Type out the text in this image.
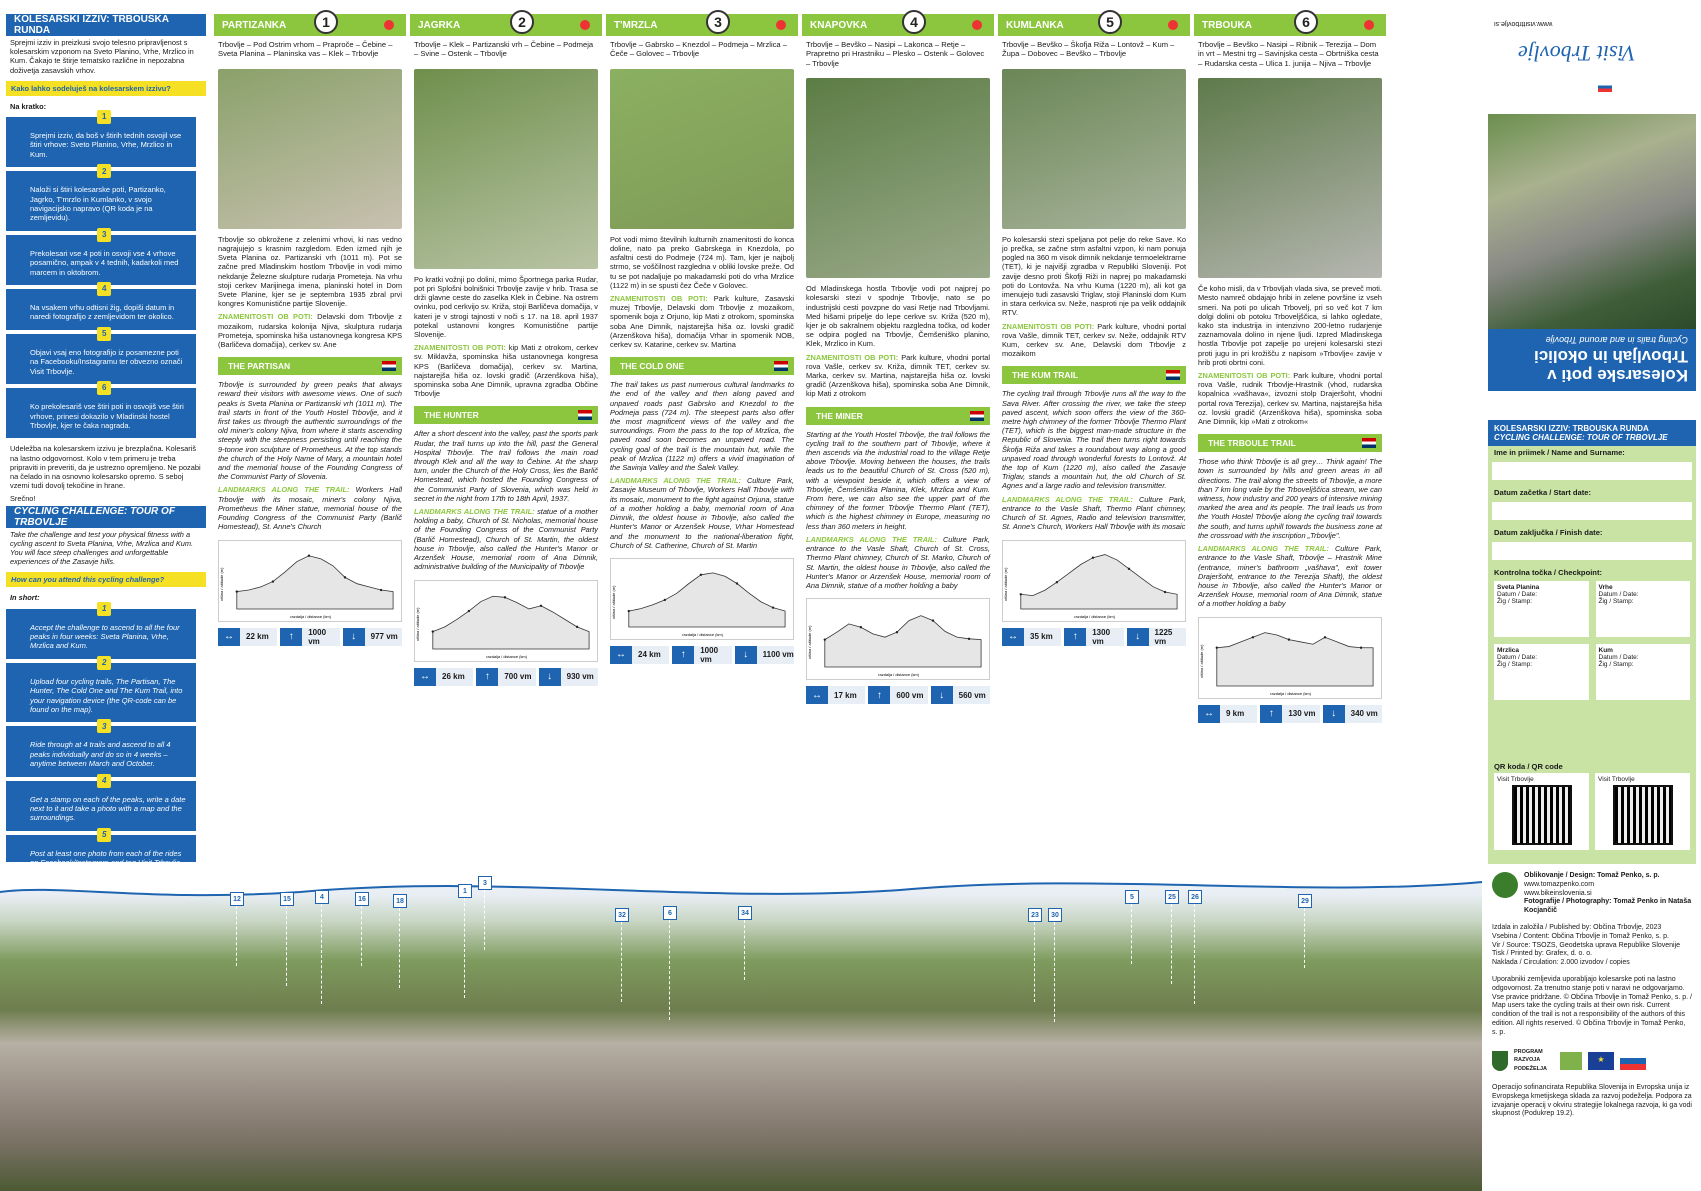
KOLESARSKI IZZIV: TRBOUSKA RUNDA
Sprejmi izziv in preizkusi svojo telesno pripravljenost s kolesarskim vzponom na Sveto Planino, Vrhe, Mrzlico in Kum. Čakajo te štirje tematsko različne in nepozabna doživetja zasavskih vrhov.
Kako lahko sodeluješ na kolesarskem izzivu?
Na kratko:
1
Sprejmi izziv, da boš v štirih tednih osvojil vse štiri vrhove: Sveto Planino, Vrhe, Mrzlico in Kum.
2
Naloži si štiri kolesarske poti, Partizanko, Jagrko, T'mrzlo in Kumlanko, v svojo navigacijsko napravo (QR koda je na zemljevidu).
3
Prekolesari vse 4 poti in osvoji vse 4 vrhove posamično, ampak v 4 tednih, kadarkoli med marcem in oktobrom.
4
Na vsakem vrhu odtisni žig, dopiši datum in naredi fotografijo z zemljevidom ter okolico.
5
Objavi vsaj eno fotografijo iz posamezne poti na Facebooku/Instagramu ter obvezno označi Visit Trbovlje.
6
Ko prekolesariš vse štiri poti in osvojiš vse štiri vrhove, prinesi dokazilo v Mladinski hostel Trbovlje, kjer te čaka nagrada.
Udeležba na kolesarskem izzivu je brezplačna. Kolesariš na lastno odgovornost. Kolo v tem primeru je treba pripraviti in preveriti, da je ustrezno opremljeno. Ne pozabi na čelado in na osnovno kolesarsko opremo. S seboj vzemi tudi dovolj tekočine in hrane.
Srečno!
CYCLING CHALLENGE: TOUR OF TRBOVLJE
Take the challenge and test your physical fitness with a cycling ascent to Sveta Planina, Vrhe, Mrzlica and Kum. You will face steep challenges and unforgettable experiences of the Zasavje hills.
How can you attend this cycling challenge?
In short:
1
Accept the challenge to ascend to all the four peaks in four weeks: Sveta Planina, Vrhe, Mrzlica and Kum.
2
Upload four cycling trails, The Partisan, The Hunter, The Cold One and The Kum Trail, into your navigation device (the QR-code can be found on the map).
3
Ride through at 4 trails and ascend to all 4 peaks individually and do so in 4 weeks – anytime between March and October.
4
Get a stamp on each of the peaks, write a date next to it and take a photo with a map and the surroundings.
5
Post at least one photo from each of the rides
PARTIZANKA	1
Trbovlje – Pod Ostrim vrhom – Praproče – Čebine – Sveta Planina – Planinska vas – Klek – Trbovlje
Trbovlje so obkrožene z zelenimi vrhovi, ki nas vedno nagrajujejo s krasnim razgledom. Eden izmed njih je Sveta Planina oz. Partizanski vrh (1011 m). Pot se začne pred Mladinskim hostlom Trbovlje in vodi mimo nekdanje Železne skulpture rudarja Prometeja. Na vrhu stoji cerkev Marijinega imena, planinski hotel in Dom Svete Planine, kjer se je septembra 1935 zbral prvi kongres Komunistične partije Slovenije.
ZNAMENITOSTI OB POTI: Delavski dom Trbovlje z mozaikom, rudarska kolonija Njiva, skulptura rudarja Prometeja, spominska hiša ustanovnega kongresa KPS (Barličeva domačija), cerkev sv. Ane
THE PARTISAN
Trbovlje is surrounded by green peaks that always reward their visitors with awesome views. One of such peaks is Sveta Planina or Partizanski vrh (1011 m). The trail starts in front of the Youth Hostel Trbovlje, and it first takes us through the authentic surroundings of the old miner's colony Njiva, from where it starts ascending steeply with the steepness persisting until reaching the 9-tonne iron sculpture of Prometheus. At the top stands the church of the Holy Name of Mary, a mountain hotel and the memorial house of the Founding Congress of the Communist Party of Slovenia.
LANDMARKS ALONG THE TRAIL: Workers Hall Trbovlje with its mosaic, miner's colony Njiva, Prometheus the Miner statue, memorial house of the Founding Congress of the Communist Party (Barlič Homestead), St. Anne's Church
višina / altitude (m)
razdalja / distance (km)
↔	22 km	↑	1000 vm	↓	977 vm
JAGRKA	2
Trbovlje – Klek – Partizanski vrh – Čebine – Podmeja – Svine – Ostenk – Trbovlje
Po kratki vožnji po dolini, mimo Športnega parka Rudar, pot pri Splošni bolnišnici Trbovlje zavije v hrib. Trasa se drži glavne ceste do zaselka Klek in Čebine. Na ostrem ovinku, pod cerkvijo sv. Križa, stoji Barličeva domačija, v kateri je v strogi tajnosti v noči s 17. na 18. april 1937 potekal ustanovni kongres Komunistične partije Slovenije.
ZNAMENITOSTI OB POTI: kip Mati z otrokom, cerkev sv. Miklavža, spominska hiša ustanovnega kongresa KPS (Barličeva domačija), cerkev sv. Martina, najstarejša hiša oz. lovski gradič (Arzenškova hiša), spominska soba Ane Dimnik, upravna zgradba Občine Trbovlje
THE HUNTER
After a short descent into the valley, past the sports park Rudar, the trail turns up into the hill, past the General Hospital Trbovlje. The trail follows the main road through Klek and all the way to Čebine. At the sharp turn, under the Church of the Holy Cross, lies the Barlič Homestead, which hosted the Founding Congress of the Communist Party of Slovenia, which was held in secret in the night from 17th to 18th April, 1937.
LANDMARKS ALONG THE TRAIL: statue of a mother holding a baby, Church of St. Nicholas, memorial house of the Founding Congress of the Communist Party (Barlič Homestead), Church of St. Martin, the oldest house in Trbovlje, also called the Hunter's Manor or Arzenšek House, memorial room of Ana Dimnik, administrative building of the Municipality of Trbovlje
višina / altitude (m)
razdalja / distance (km)
↔	26 km	↑	700 vm	↓	930 vm
T'MRZLA	3
Trbovlje – Gabrsko – Knezdol – Podmeja – Mrzlica – Čeče – Golovec – Trbovlje
Pot vodi mimo številnih kulturnih znamenitosti do konca doline, nato pa preko Gabrskega in Knezdola, po asfaltni cesti do Podmeje (724 m). Tam, kjer je najbolj strmo, se voščilnost razgledna v obliki lovske preže. Od tu se pot nadaljuje po makadamski poti do vrha Mrzlice (1122 m) in se spusti čez Čeče v Golovec.
ZNAMENITOSTI OB POTI: Park kulture, Zasavski muzej Trbovlje, Delavski dom Trbovlje z mozaikom, spomenik boja z Orjuno, kip Mati z otrokom, spominska soba Ane Dimnik, najstarejša hiša oz. lovski gradič (Arzenškova hiša), domačija Vrhar in spomenik NOB, cerkev sv. Katarine, cerkev sv. Martina
THE COLD ONE
The trail takes us past numerous cultural landmarks to the end of the valley and then along paved and unpaved roads past Gabrsko and Knezdol to the Podmeja pass (724 m). The steepest parts also offer the most magnificent views of the valley and the surroundings. From the pass to the top of Mrzlica, the paved road soon becomes an unpaved road. The cycling goal of the trail is the mountain hut, while the peak of Mrzlica (1122 m) offers a vivid imagination of the Savinja Valley and the Šalek Valley.
LANDMARKS ALONG THE TRAIL: Culture Park, Zasavje Museum of Trbovlje, Workers Hall Trbovlje with its mosaic, monument to the fight against Orjuna, statue of a mother holding a baby, memorial room of Ana Dimnik, the oldest house in Trbovlje, also called the Hunter's Manor or Arzenšek House, Vrhar Homestead and the monument to the national-liberation fight, Church of St. Catherine, Church of St. Martin
višina / altitude (m)
razdalja / distance (km)
↔	24 km	↑	1000 vm	↓	1100 vm
KNAPOVKA	4
Trbovlje – Bevško – Nasipi – Lakonca – Retje – Prapretno pri Hrastniku – Plesko – Ostenk – Golovec – Trbovlje
Od Mladinskega hostla Trbovlje vodi pot najprej po kolesarski stezi v spodnje Trbovlje, nato se po industrijski cesti povzpne do vasi Retje nad Trbovljami. Med hišami pripelje do lepe cerkve sv. Križa (520 m), kjer je ob sakralnem objektu razgledna točka, od koder se odpira pogled na Trbovlje, Čemšeniško planino, Klek, Mrzlico in Kum.
ZNAMENITOSTI OB POTI: Park kulture, vhodni portal rova Vašle, cerkev sv. Križa, dimnik TET, cerkev sv. Marka, cerkev sv. Martina, najstarejša hiša oz. lovski gradič (Arzenškova hiša), spominska soba Ane Dimnik, kip Mati z otrokom
THE MINER
Starting at the Youth Hostel Trbovlje, the trail follows the cycling trail to the southern part of Trbovlje, where it then ascends via the industrial road to the village Retje above Trbovlje. Moving between the houses, the trails leads us to the beautiful Church of St. Cross (520 m), with a viewpoint beside it, which offers a view of Trbovlje, Čemšeniška Planina, Klek, Mrzlica and Kum. From here, we can also see the upper part of the chimney of the former Trbovlje Thermo Plant (TET), which is the highest chimney in Europe, measuring no less than 360 meters in height.
LANDMARKS ALONG THE TRAIL: Culture Park, entrance to the Vasle Shaft, Church of St. Cross, Thermo Plant chimney, Church of St. Marko, Church of St. Martin, the oldest house in Trbovlje, also called the Hunter's Manor or Arzenšek House, memorial room of Ana Dimnik, statue of a mother holding a baby
višina / altitude (m)
razdalja / distance (km)
↔	17 km	↑	600 vm	↓	560 vm
KUMLANKA	5
Trbovlje – Bevško – Škofja Riža – Lontovž – Kum – Župa – Dobovec – Bevško – Trbovlje
Po kolesarski stezi speljana pot pelje do reke Save. Ko jo prečka, se začne strm asfaltni vzpon, ki nam ponuja pogled na 360 m visok dimnik nekdanje termoelektrarne (TET), ki je najvišji zgradba v Republiki Sloveniji. Pot zavije desno proti Škofji Riži in naprej po makadamski poti do Lontovža. Na vrhu Kuma (1220 m), ali kot ga imenujejo tudi zasavski Triglav, stoji Planinski dom Kum in stara cerkvica sv. Neže, nasproti nje pa velik oddajnik RTV.
ZNAMENITOSTI OB POTI: Park kulture, vhodni portal rova Vašle, dimnik TET, cerkev sv. Neže, oddajnik RTV Kum, cerkev sv. Ane, Delavski dom Trbovlje z mozaikom
THE KUM TRAIL
The cycling trail through Trbovlje runs all the way to the Sava River. After crossing the river, we take the steep paved ascent, which soon offers the view of the 360-metre high chimney of the former Trbovlje Thermo Plant (TET), which is the biggest man-made structure in the Republic of Slovenia. The trail then turns right towards Škofja Riža and takes a roundabout way along a good unpaved road through wonderful forests to Lontovž. At the top of Kum (1220 m), also called the Zasavje Triglav, stands a mountain hut, the old Church of St. Agnes and a large radio and television transmitter.
LANDMARKS ALONG THE TRAIL: Culture Park, entrance to the Vasle Shaft, Thermo Plant chimney, Church of St. Agnes, Radio and television transmitter, St. Anne's Church, Workers Hall Trbovlje with its mosaic
višina / altitude (m)
razdalja / distance (km)
↔	35 km	↑	1300 vm	↓	1225 vm
TRBOUKA	6
Trbovlje – Bevško – Nasipi – Ribnik – Terezija – Dom in vrt – Mestni trg – Savinjska cesta – Obrtniška cesta – Rudarska cesta – Ulica 1. junija – Njiva – Trbovlje
Če koho misli, da v Trbovljah vlada siva, se preveč moti. Mesto namreč obdajajo hribi in zelene površine iz vseh smeri. Na poti po ulicah Trbovelj, pri so več kot 7 km dolgi dolini ob potoku Trboveljščica, si lahko ogledate, kako sta industrija in intenzivno 200-letno rudarjenje zaznamovala dolino in njene ljudi. Izpred Mladinskega hostla Trbovlje pot zapelje po urejeni kolesarski stezi proti jugu in pri krožišču z napisom »Trbovlje« zavije v hrib proti obrtni coni.
ZNAMENITOSTI OB POTI: Park kulture, vhodni portal rova Vašle, rudnik Trbovlje-Hrastnik (vhod, rudarska kopalnica »vašhava«, izvozni stolp Drajeršoht, vhodni portal rova Terezija), cerkev sv. Martina, najstarejša hiša oz. lovski gradič (Arzenškova hiša), spominska soba Ane Dimnik, kip »Mati z otrokom«
THE TRBOULE TRAIL
Those who think Trbovlje is all grey… Think again! The town is surrounded by hills and green areas in all directions. The trail along the streets of Trbovlje, a more than 7 km long vale by the Trboveljščica stream, we can witness, how industry and 200 years of intensive mining marked the area and its people. The trail leads us from the Youth Hostel Trbovlje along the cycling trail towards the south, and turns uphill towards the business zone at the crossroad with the inscription „Trbovlje".
LANDMARKS ALONG THE TRAIL: Culture Park, entrance to the Vasle Shaft, Trbovlje – Hrastnik Mine (entrance, miner's bathroom „vašhava", exit tower Drajeršoht, entrance to the Terezija Shaft), the oldest house in Trbovlje, also called the Hunter's Manor or Arzenšek House, memorial room of Ana Dimnik, statue of a mother holding a baby
višina / altitude (m)
razdalja / distance (km)
↔	9 km	↑	130 vm	↓	340 vm
12	15	4	16	18
1
3
32	6	34	23	30
5	25	26
29
www.visittrbovlje.si
Visit Trbovlje
Kolesarske poti v Trbovljah in okolici
Cycling trails in and around Trbovlje
KOLESARSKI IZZIV: TRBOUSKA RUNDA
CYCLING CHALLENGE: TOUR OF TRBOVLJE
Ime in priimek / Name and Surname:
Datum začetka / Start date:
Datum zaključka / Finish date:
Kontrolna točka / Checkpoint:
Sveta Planina
Datum / Date:
Žig / Stamp:
Vrhe
Datum / Date:
Žig / Stamp:
Mrzlica
Datum / Date:
Žig / Stamp:
Kum
Datum / Date:
Žig / Stamp:
QR koda / QR code
Visit Trbovlje	Visit Trbovlje
Oblikovanje / Design: Tomaž Penko, s. p.
www.tomazpenko.com
www.bikeinslovenia.si
Fotografije / Photography: Tomaž Penko in Nataša Kocjančič
Izdala in založila / Published by: Občina Trbovlje, 2023
Vsebina / Content: Občina Trbovlje in Tomaž Penko, s. p.
Vir / Source: TSOZS, Geodetska uprava Republike Slovenije
Tisk / Printed by: Grafex, d. o. o.
Naklada / Circulation: 2.000 izvodov / copies
Uporabniki zemljevida uporabljajo kolesarske poti na lastno odgovornost. Za trenutno stanje poti v naravi ne odgovarjamo. Vse pravice pridržane. © Občina Trbovlje in Tomaž Penko, s. p. / Map users take the cycling trails at their own risk. Current condition of the trail is not a responsibility of the authors of this edition. All rights reserved. © Občina Trbovlje in Tomaž Penko, s. p.
PROGRAM RAZVOJA PODEŽELJA
★
Operacijo sofinancirata Republika Slovenija in Evropska unija iz Evropskega kmetijskega sklada za razvoj podeželja. Podpora za izvajanje operacij v okviru strategije lokalnega razvoja, ki ga vodi skupnost (Podukrep 19.2).
